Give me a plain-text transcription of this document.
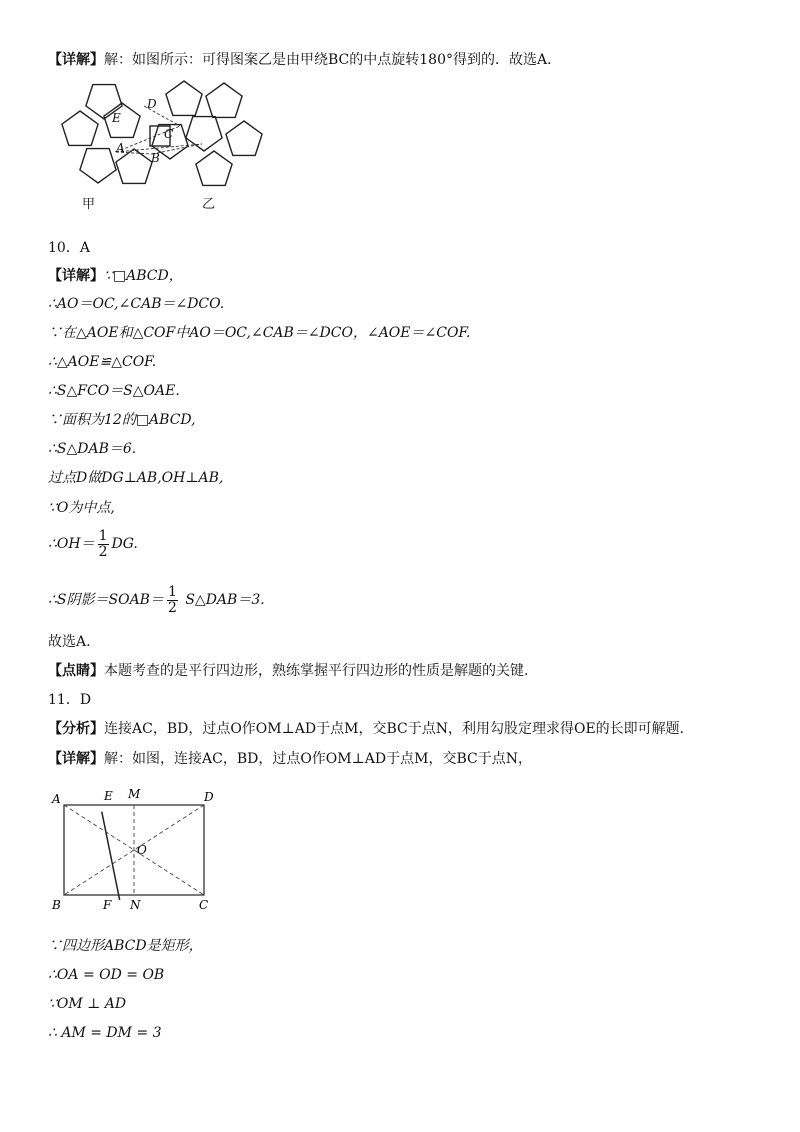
【详解】解：如图所示：可得图案乙是由甲绕BC的中点旋转180°得到的．故选A．
E
D
A
B
C
甲	乙
10．A
【详解】∵□ABCD，
∴AO＝OC,∠CAB＝∠DCO.
∵在△AOE和△COF中AO＝OC,∠CAB＝∠DCO，∠AOE＝∠COF.
∴△AOE≌△COF.
∴S△FCO＝S△OAE.
∵面积为12的□ABCD,
∴S△DAB＝6.
过点D做DG⊥AB,OH⊥AB,
∵O为中点,
∴OH＝ $\frac{1}{2}$ DG.
∴S阴影＝SOAB＝ $\frac{1}{2}$ S△DAB＝3.
故选A.
【点睛】本题考查的是平行四边形，熟练掌握平行四边形的性质是解题的关键.
11．D
【分析】连接AC，BD，过点O作OM⊥AD于点M，交BC于点N，利用勾股定理求得OE的长即可解题．
【详解】解：如图，连接AC，BD，过点O作OM⊥AD于点M，交BC于点N，
A	E M	D
O
B	F N	C
∵四边形ABCD是矩形，
∴OA = OD = OB
∵OM ⊥ AD
∴ AM = DM = 3
